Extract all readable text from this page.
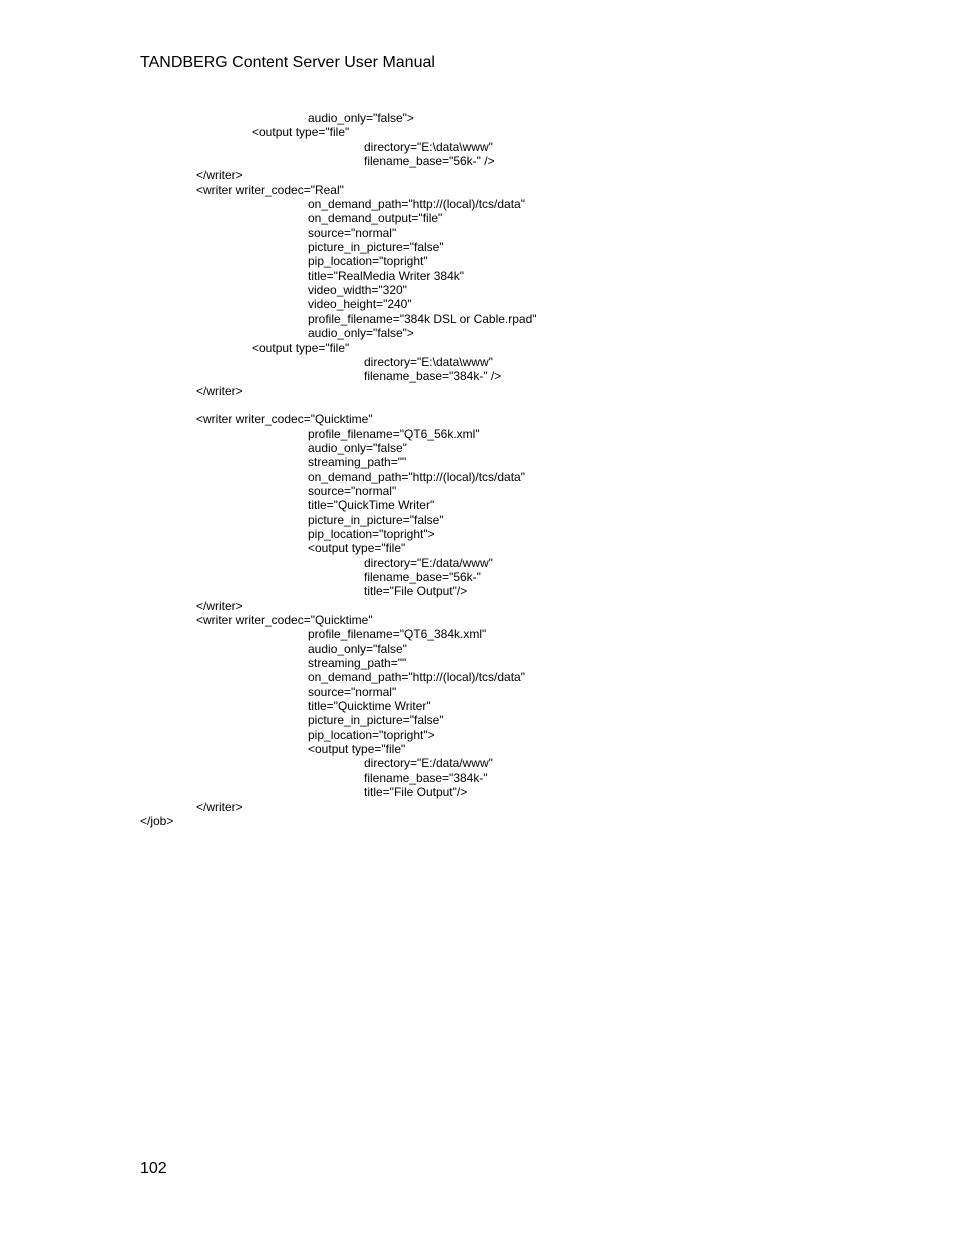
TANDBERG Content Server User Manual
audio_only="false">
<output type="file"
directory="E:\data\www"
filename_base="56k-" />
</writer>
<writer writer_codec="Real"
on_demand_path="http://(local)/tcs/data"
on_demand_output="file"
source="normal"
picture_in_picture="false"
pip_location="topright"
title="RealMedia Writer 384k"
video_width="320"
video_height="240"
profile_filename="384k DSL or Cable.rpad"
audio_only="false">
<output type="file"
directory="E:\data\www"
filename_base="384k-" />
</writer>
<writer writer_codec="Quicktime"
profile_filename="QT6_56k.xml"
audio_only="false"
streaming_path=""
on_demand_path="http://(local)/tcs/data"
source="normal"
title="QuickTime Writer"
picture_in_picture="false"
pip_location="topright">
<output type="file"
directory="E:/data/www"
filename_base="56k-"
title="File Output"/>
</writer>
<writer writer_codec="Quicktime"
profile_filename="QT6_384k.xml"
audio_only="false"
streaming_path=""
on_demand_path="http://(local)/tcs/data"
source="normal"
title="Quicktime Writer"
picture_in_picture="false"
pip_location="topright">
<output type="file"
directory="E:/data/www"
filename_base="384k-"
title="File Output"/>
</writer>
</job>
102
